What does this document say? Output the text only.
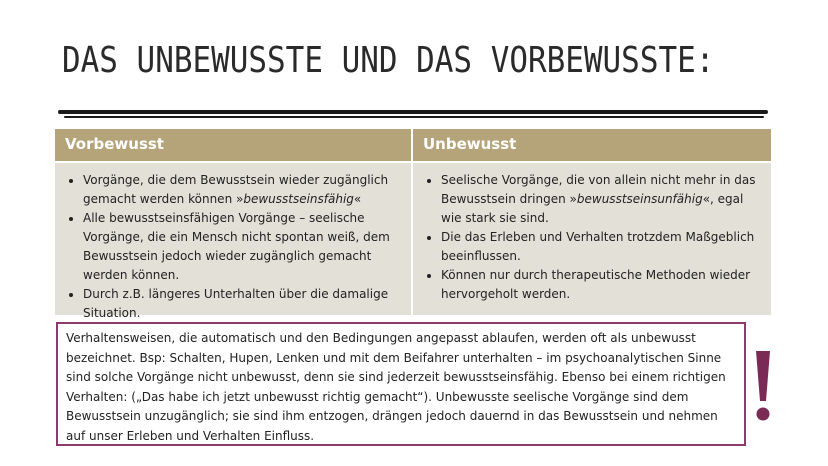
DAS UNBEWUSSTE UND DAS VORBEWUSSTE:
Vorbewusst	Unbewusst
• Vorgänge, die dem Bewusstsein wieder zugänglich gemacht werden können »bewusstseinsfähig«
• Alle bewusstseinsfähigen Vorgänge – seelische Vorgänge, die ein Mensch nicht spontan weiß, dem Bewusstsein jedoch wieder zugänglich gemacht werden können.
• Durch z.B. längeres Unterhalten über die damalige Situation.
• Seelische Vorgänge, die von allein nicht mehr in das Bewusstsein dringen »bewusstseinsunfähig«, egal wie stark sie sind.
• Die das Erleben und Verhalten trotzdem Maßgeblich beeinflussen.
• Können nur durch therapeutische Methoden wieder hervorgeholt werden.
Verhaltensweisen, die automatisch und den Bedingungen angepasst ablaufen, werden oft als unbewusst bezeichnet. Bsp: Schalten, Hupen, Lenken und mit dem Beifahrer unterhalten – im psychoanalytischen Sinne sind solche Vorgänge nicht unbewusst, denn sie sind jederzeit bewusstseinsfähig. Ebenso bei einem richtigen Verhalten: („Das habe ich jetzt unbewusst richtig gemacht“). Unbewusste seelische Vorgänge sind dem Bewusstsein unzugänglich; sie sind ihm entzogen, drängen jedoch dauernd in das Bewusstsein und nehmen auf unser Erleben und Verhalten Einfluss.
